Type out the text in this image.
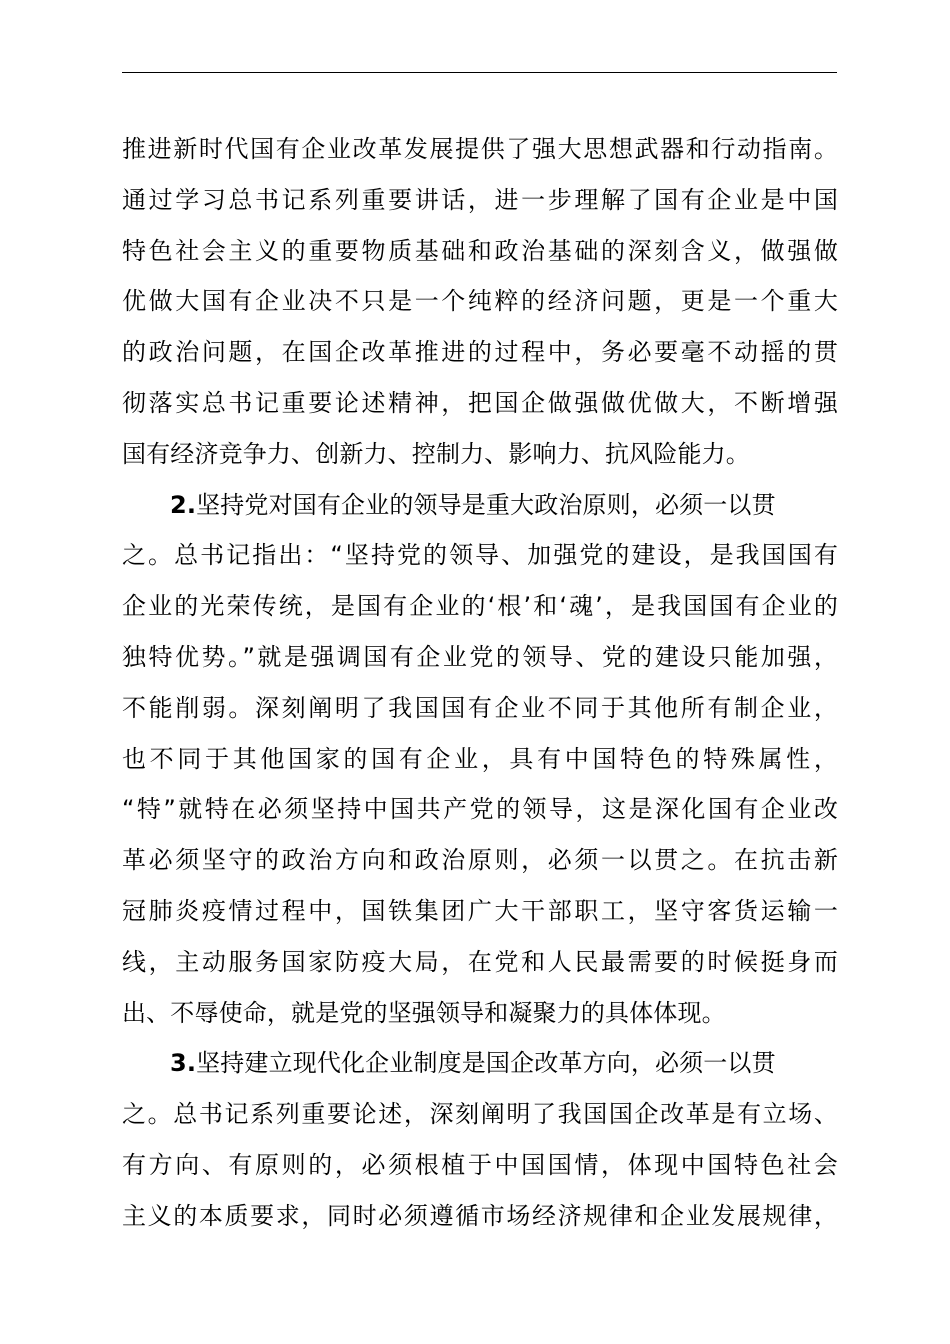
推进新时代国有企业改革发展提供了强大思想武器和行动指南。
通过学习总书记系列重要讲话，进一步理解了国有企业是中国
特色社会主义的重要物质基础和政治基础的深刻含义，做强做
优做大国有企业决不只是一个纯粹的经济问题，更是一个重大
的政治问题，在国企改革推进的过程中，务必要毫不动摇的贯
彻落实总书记重要论述精神，把国企做强做优做大，不断增强
国有经济竞争力、创新力、控制力、影响力、抗风险能力。
2.坚持党对国有企业的领导是重大政治原则，必须一以贯
之。总书记指出：“坚持党的领导、加强党的建设，是我国国有
企业的光荣传统，是国有企业的‘根’和‘魂’，是我国国有企业的
独特优势。”就是强调国有企业党的领导、党的建设只能加强，
不能削弱。深刻阐明了我国国有企业不同于其他所有制企业，
也不同于其他国家的国有企业，具有中国特色的特殊属性，
“特”就特在必须坚持中国共产党的领导，这是深化国有企业改
革必须坚守的政治方向和政治原则，必须一以贯之。在抗击新
冠肺炎疫情过程中，国铁集团广大干部职工，坚守客货运输一
线，主动服务国家防疫大局，在党和人民最需要的时候挺身而
出、不辱使命，就是党的坚强领导和凝聚力的具体体现。
3.坚持建立现代化企业制度是国企改革方向，必须一以贯
之。总书记系列重要论述，深刻阐明了我国国企改革是有立场、
有方向、有原则的，必须根植于中国国情，体现中国特色社会
主义的本质要求，同时必须遵循市场经济规律和企业发展规律，
